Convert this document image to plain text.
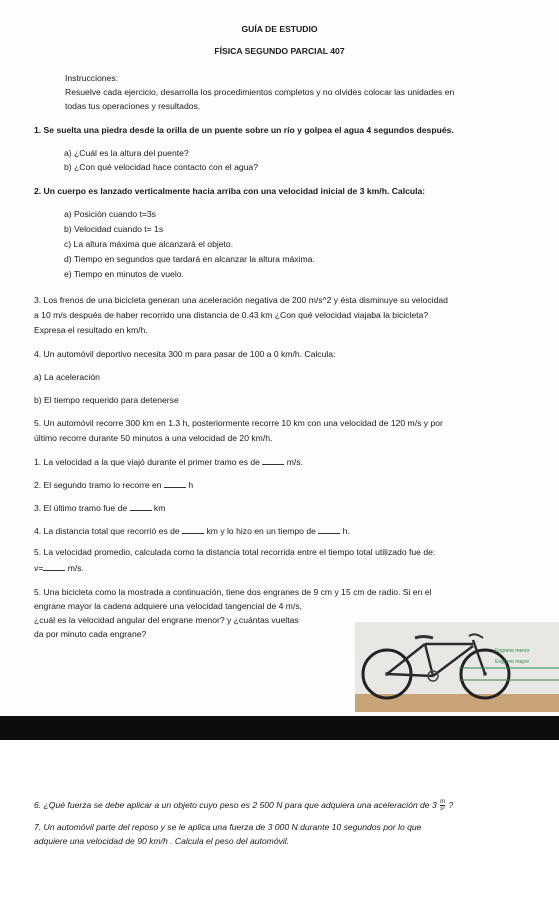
GUÍA DE ESTUDIO
FÍSICA SEGUNDO PARCIAL 407
Instrucciones:
Resuelve cada ejercicio, desarrolla los procedimientos completos y no olvides colocar las unidades en
todas tus operaciones y resultados.
1. Se suelta una piedra desde la orilla de un puente sobre un río y golpea el agua 4 segundos después.
a) ¿Cuál es la altura del puente?
b) ¿Con qué velocidad hace contacto con el agua?
2. Un cuerpo es lanzado verticalmente hacia arriba con una velocidad inicial de 3 km/h. Calcula:
a) Posición cuando t=3s
b) Velocidad cuando t= 1s
c) La altura máxima que alcanzará el objeto.
d) Tiempo en segundos que tardará en alcanzar la altura máxima.
e) Tiempo en minutos de vuelo.
3. Los frenos de una bicicleta generan una aceleración negativa de 200 m/s^2 y ésta disminuye su velocidad
a 10 m/s después de haber recorrido una distancia de 0.43 km ¿Con qué velocidad viajaba la bicicleta?
Expresa el resultado en km/h.
4. Un automóvil deportivo necesita 300 m para pasar de 100 a 0 km/h. Calcula:
a) La aceleración
b) El tiempo requerido para detenerse
5. Un automóvil recorre 300 km en 1.3 h, posteriormente recorre 10 km con una velocidad de 120 m/s y por
último recorre durante 50 minutos a una velocidad de 20 km/h.
1. La velocidad a la que viajó durante el primer tramo es de	m/s.
2. El segundo tramo lo recorre en	h
3. El último tramo fue de	km
4. La distancia total que recorrió es de	km y lo hizo en un tiempo de	h.
5. La velocidad promedio, calculada como la distancia total recorrida entre el tiempo total utilizado fue de:
v=	m/s.
5. Una bicicleta como la mostrada a continuación, tiene dos engranes de 9 cm y 15 cm de radio. Si en el
engrane mayor la cadena adquiere una velocidad tangencial de 4 m/s,
¿cuál es la velocidad angular del engrane menor? y ¿cuántas vueltas
da por minuto cada engrane?
Engrane menor
Engrane mayor
6. ¿Qué fuerza se debe aplicar a un objeto cuyo peso es 2 500 N para que adquiera una aceleración de $3 \frac{m}{\text{s²}}$ ?
7. Un automóvil parte del reposo y se le aplica una fuerza de 3 000 N durante 10 segundos por lo que
adquiere una velocidad de 90 km/h . Calcula el peso del automóvil.
